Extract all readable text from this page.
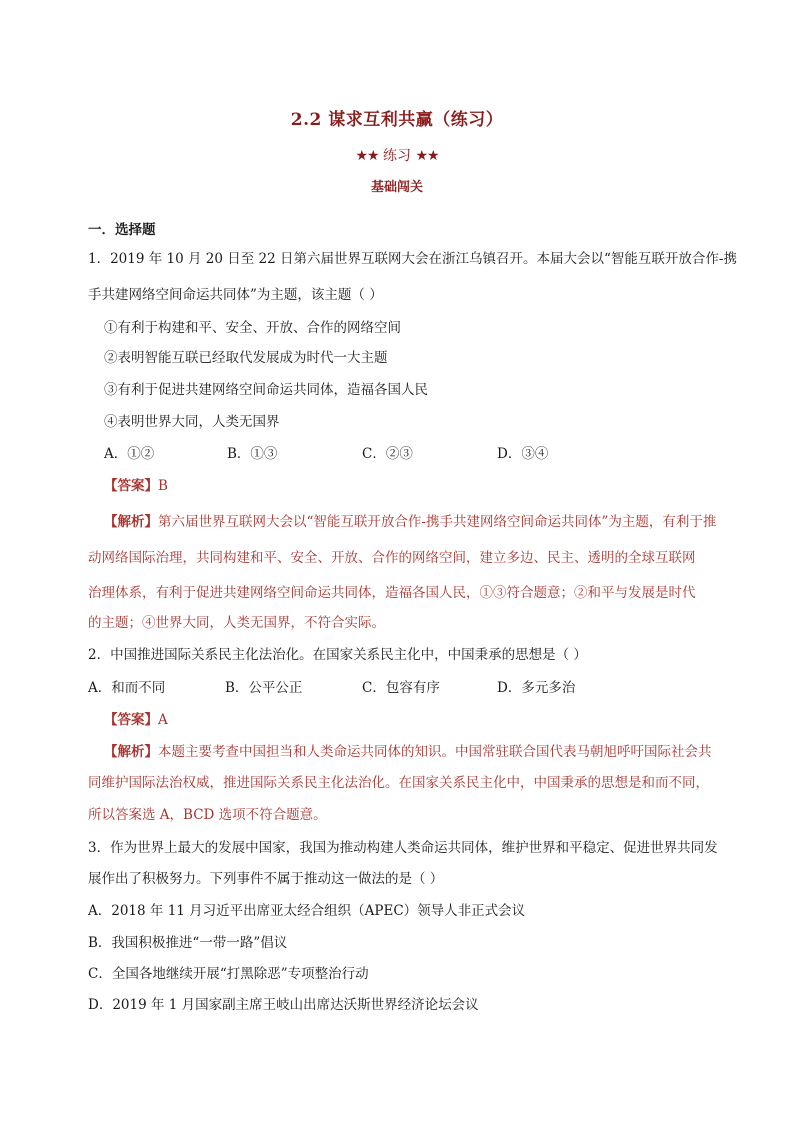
2.2 谋求互利共赢（练习）
★★ 练习 ★★
基础闯关
一．选择题
1．2019 年 10 月 20 日至 22 日第六届世界互联网大会在浙江乌镇召开。本届大会以“智能互联开放合作-携
手共建网络空间命运共同体”为主题，该主题（ ）
①有利于构建和平、安全、开放、合作的网络空间
②表明智能互联已经取代发展成为时代一大主题
③有利于促进共建网络空间命运共同体，造福各国人民
④表明世界大同，人类无国界
A．①②	B．①③	C．②③	D．③④
【答案】B
【解析】第六届世界互联网大会以“智能互联开放合作-携手共建网络空间命运共同体”为主题，有利于推
动网络国际治理，共同构建和平、安全、开放、合作的网络空间，建立多边、民主、透明的全球互联网
治理体系，有利于促进共建网络空间命运共同体，造福各国人民，①③符合题意；②和平与发展是时代
的主题；④世界大同，人类无国界，不符合实际。
2．中国推进国际关系民主化法治化。在国家关系民主化中，中国秉承的思想是（ ）
A．和而不同	B．公平公正	C．包容有序	D．多元多治
【答案】A
【解析】本题主要考查中国担当和人类命运共同体的知识。中国常驻联合国代表马朝旭呼吁国际社会共
同维护国际法治权威，推进国际关系民主化法治化。在国家关系民主化中，中国秉承的思想是和而不同，
所以答案选 A，BCD 选项不符合题意。
3．作为世界上最大的发展中国家，我国为推动构建人类命运共同体，维护世界和平稳定、促进世界共同发
展作出了积极努力。下列事件不属于推动这一做法的是（ ）
A．2018 年 11 月习近平出席亚太经合组织（APEC）领导人非正式会议
B．我国积极推进“一带一路”倡议
C．全国各地继续开展“打黑除恶”专项整治行动
D．2019 年 1 月国家副主席王岐山出席达沃斯世界经济论坛会议
